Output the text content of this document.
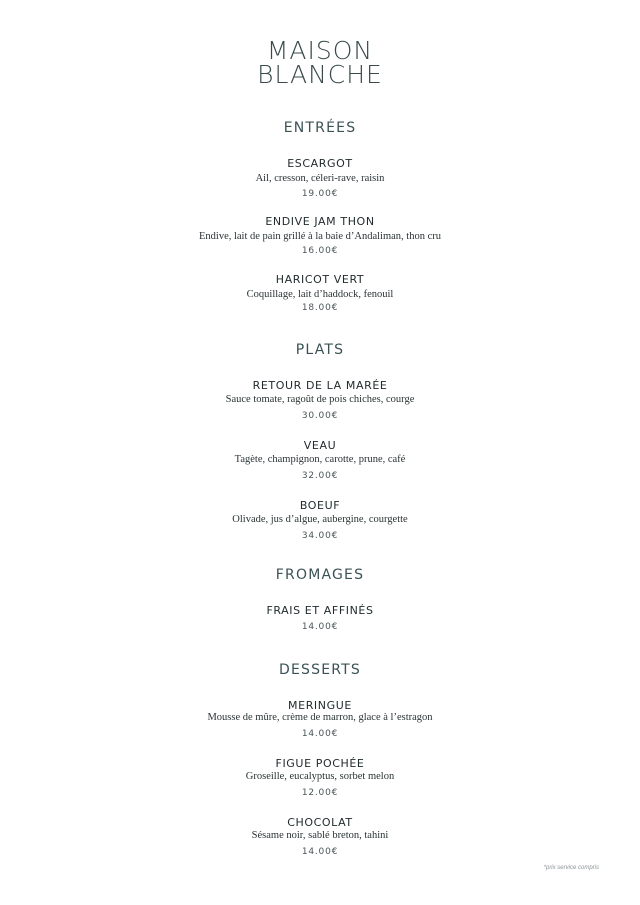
MAISON
BLANCHE
ENTRÉES
ESCARGOT
Ail, cresson, céleri-rave, raisin
19.00€
ENDIVE JAM THON
Endive, lait de pain grillé à la baie d’Andaliman, thon cru
16.00€
HARICOT VERT
Coquillage, lait d’haddock, fenouil
18.00€
PLATS
RETOUR DE LA MARÉE
Sauce tomate, ragoût de pois chiches, courge
30.00€
VEAU
Tagète, champignon, carotte, prune, café
32.00€
BOEUF
Olivade, jus d’algue, aubergine, courgette
34.00€
FROMAGES
FRAIS ET AFFINÉS
14.00€
DESSERTS
MERINGUE
Mousse de mûre, crème de marron, glace à l’estragon
14.00€
FIGUE POCHÉE
Groseille, eucalyptus, sorbet melon
12.00€
CHOCOLAT
Sésame noir, sablé breton, tahini
14.00€
*prix service compris
